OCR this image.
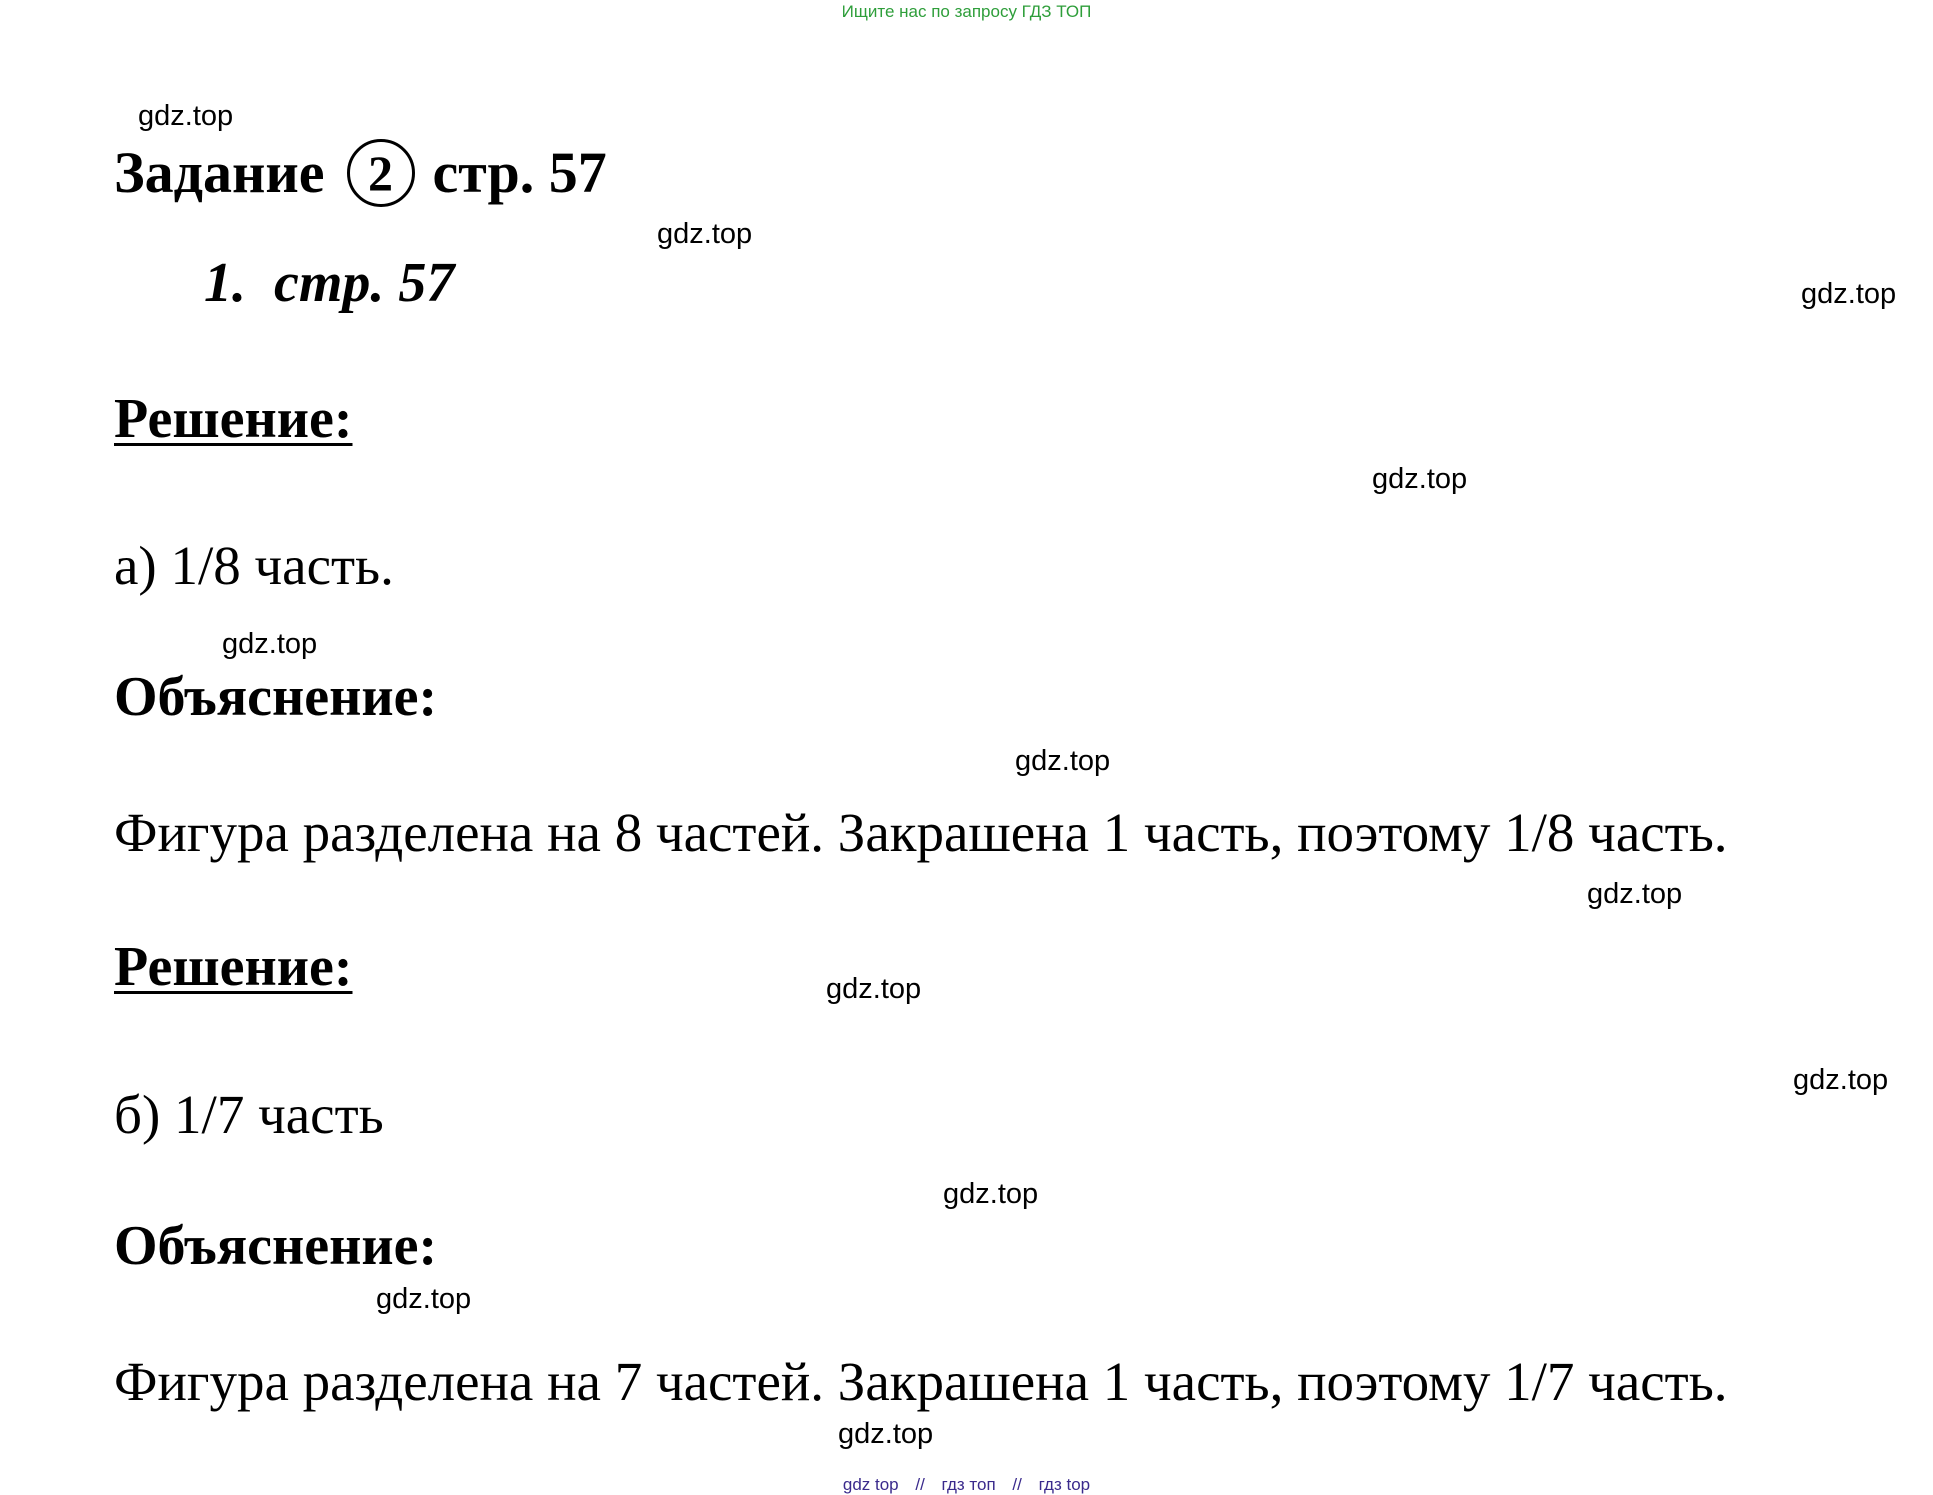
Ищите нас по запросу ГДЗ ТОП
gdz.top
gdz.top
gdz.top
gdz.top
gdz.top
gdz.top
gdz.top
gdz.top
gdz.top
gdz.top
gdz.top
gdz.top
Задание 2 стр. 57
1. стр. 57
Решение:
а) 1/8 часть.
Объяснение:
Фигура разделена на 8 частей. Закрашена 1 часть, поэтому 1/8 часть.
Решение:
б) 1/7 часть
Объяснение:
Фигура разделена на 7 частей. Закрашена 1 часть, поэтому 1/7 часть.
gdz top // гдз топ // гдз top
